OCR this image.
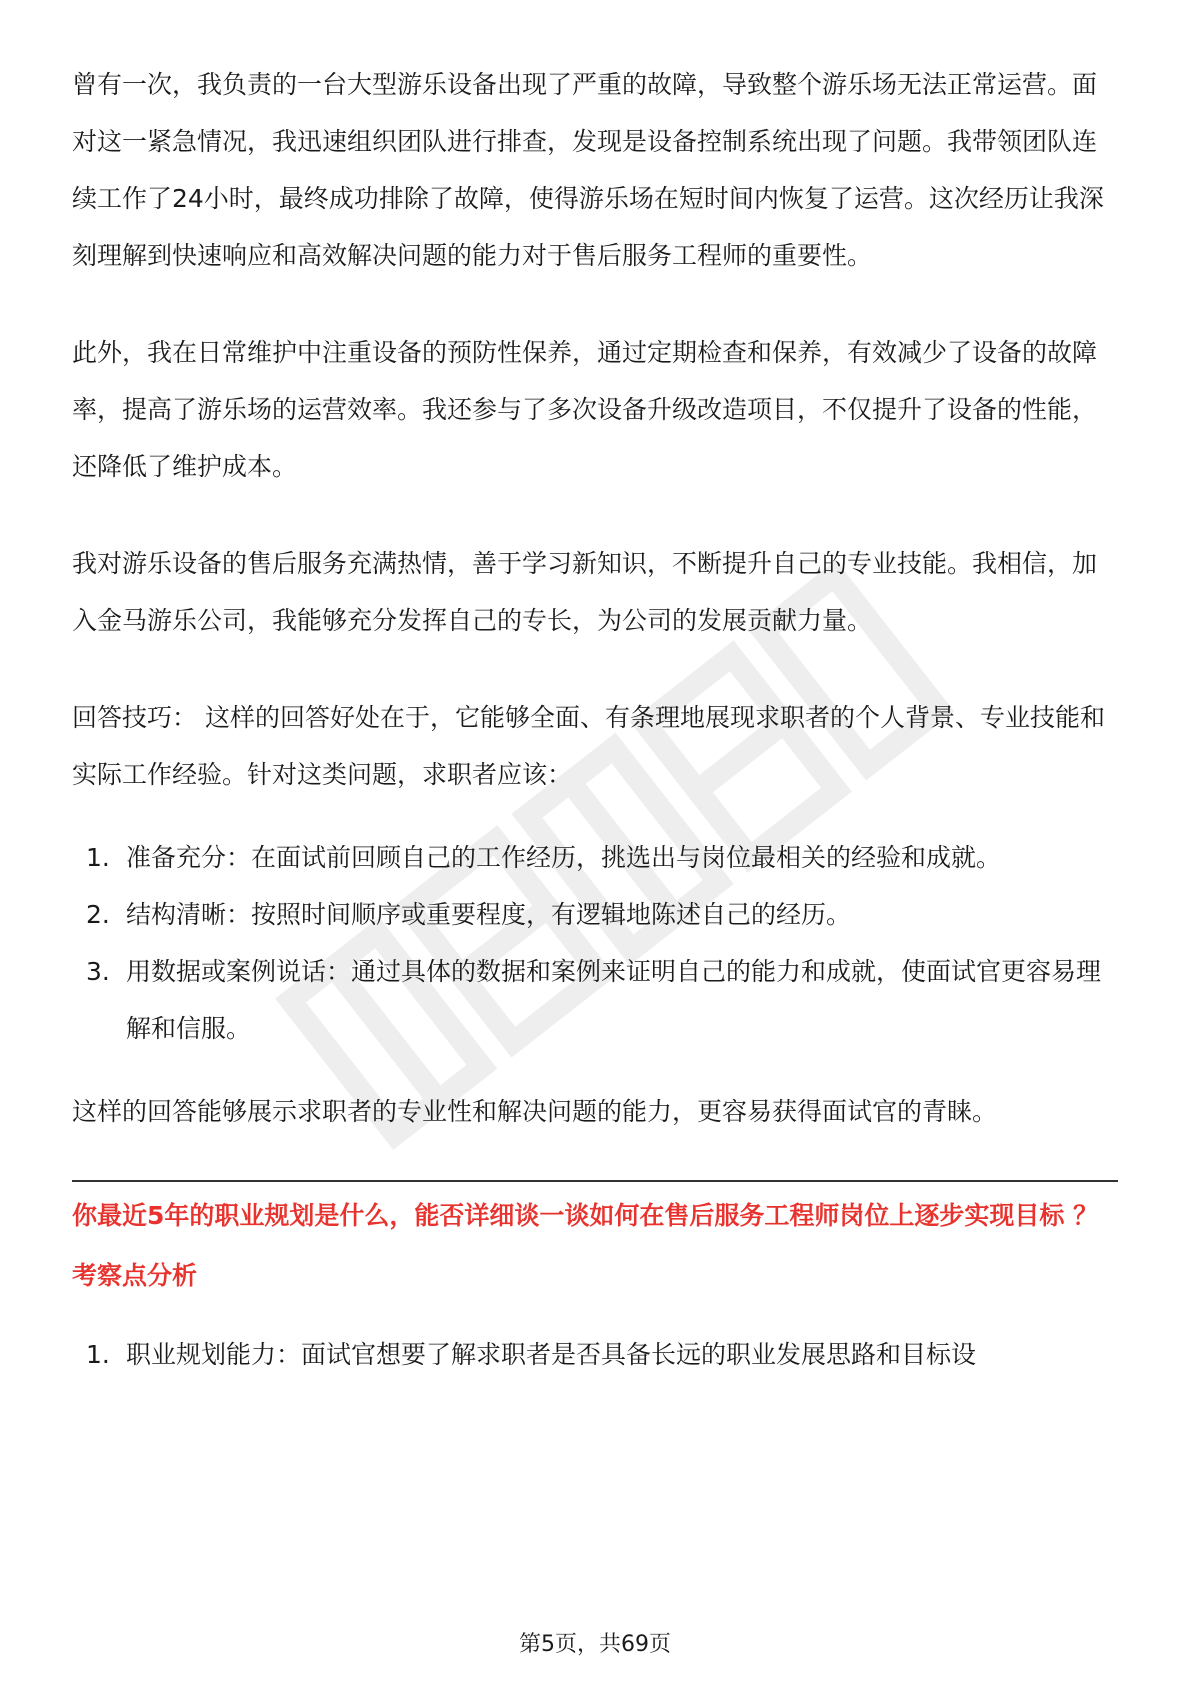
曾有一次，我负责的一台大型游乐设备出现了严重的故障，导致整个游乐场无法正常运营。面对这一紧急情况，我迅速组织团队进行排查，发现是设备控制系统出现了问题。我带领团队连续工作了24小时，最终成功排除了故障，使得游乐场在短时间内恢复了运营。这次经历让我深刻理解到快速响应和高效解决问题的能力对于售后服务工程师的重要性。

此外，我在日常维护中注重设备的预防性保养，通过定期检查和保养，有效减少了设备的故障率，提高了游乐场的运营效率。我还参与了多次设备升级改造项目，不仅提升了设备的性能，还降低了维护成本。

我对游乐设备的售后服务充满热情，善于学习新知识，不断提升自己的专业技能。我相信，加入金马游乐公司，我能够充分发挥自己的专长，为公司的发展贡献力量。

回答技巧： 这样的回答好处在于，它能够全面、有条理地展现求职者的个人背景、专业技能和实际工作经验。针对这类问题，求职者应该：

1. 准备充分：在面试前回顾自己的工作经历，挑选出与岗位最相关的经验和成就。
2. 结构清晰：按照时间顺序或重要程度，有逻辑地陈述自己的经历。
3. 用数据或案例说话：通过具体的数据和案例来证明自己的能力和成就，使面试官更容易理解和信服。

这样的回答能够展示求职者的专业性和解决问题的能力，更容易获得面试官的青睐。

你最近5年的职业规划是什么，能否详细谈一谈如何在售后服务工程师岗位上逐步实现目标 ？
考察点分析
1. 职业规划能力：面试官想要了解求职者是否具备长远的职业发展思路和目标设
第5页，共69页
